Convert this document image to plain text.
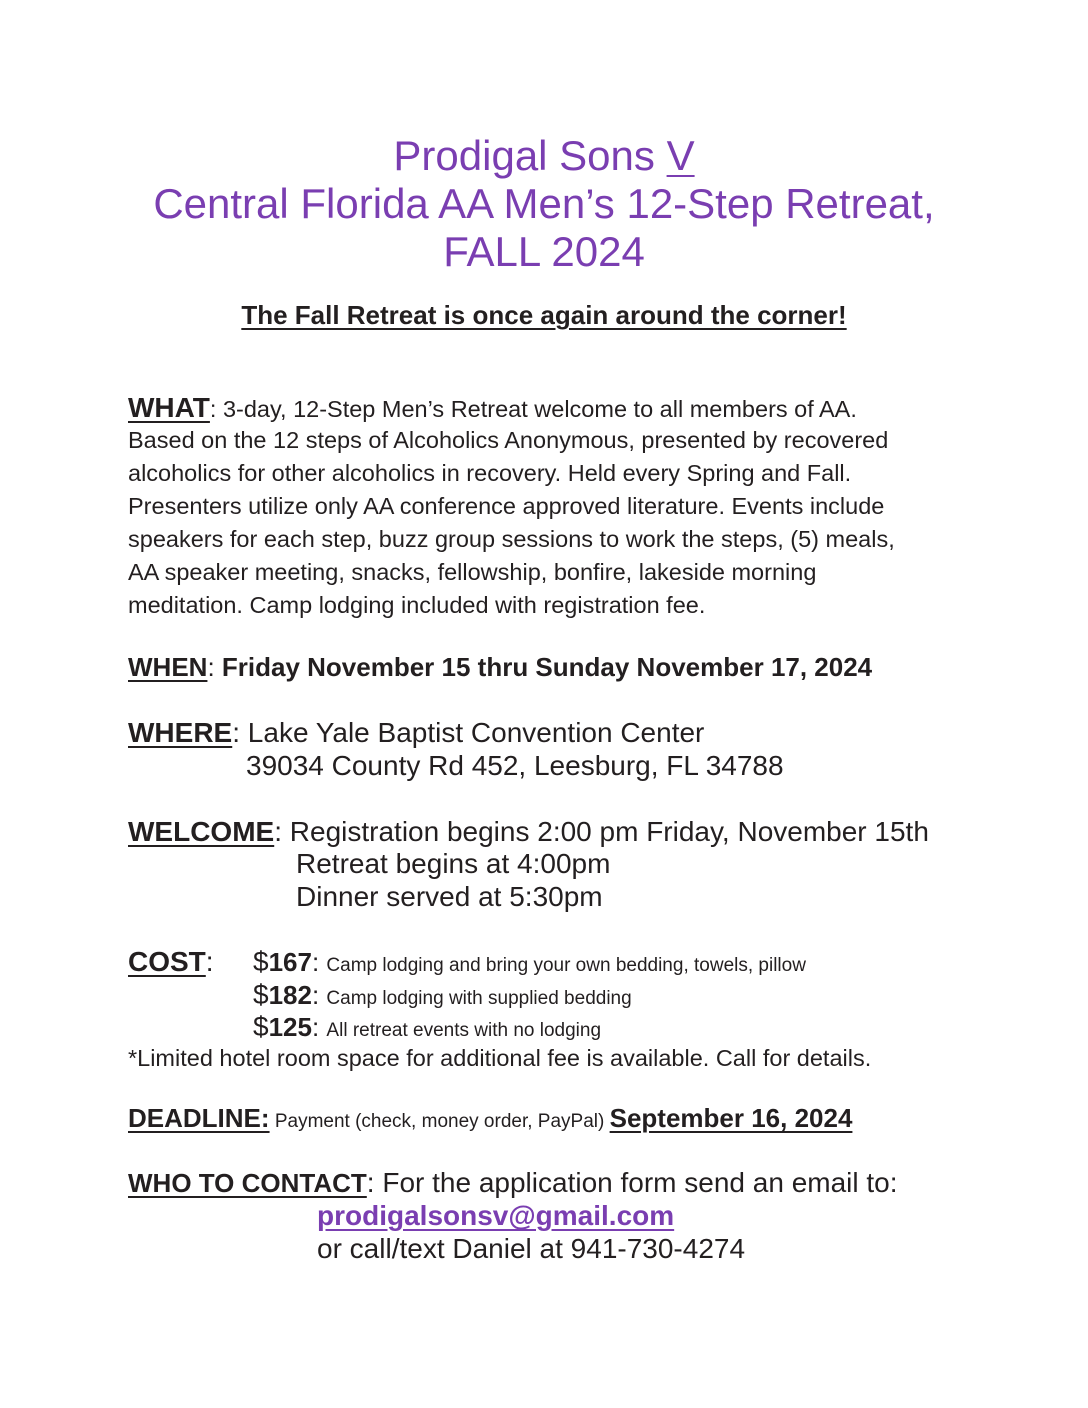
Prodigal Sons V
Central Florida AA Men’s 12-Step Retreat,
FALL 2024
The Fall Retreat is once again around the corner!
WHAT: 3-day, 12-Step Men’s Retreat welcome to all members of AA.
Based on the 12 steps of Alcoholics Anonymous, presented by recovered
alcoholics for other alcoholics in recovery. Held every Spring and Fall.
Presenters utilize only AA conference approved literature. Events include
speakers for each step, buzz group sessions to work the steps, (5) meals,
AA speaker meeting, snacks, fellowship, bonfire, lakeside morning
meditation. Camp lodging included with registration fee.
WHEN: Friday November 15 thru Sunday November 17, 2024
WHERE: Lake Yale Baptist Convention Center
39034 County Rd 452, Leesburg, FL 34788
WELCOME: Registration begins 2:00 pm Friday, November 15th
Retreat begins at 4:00pm
Dinner served at 5:30pm
COST: $167: Camp lodging and bring your own bedding, towels, pillow
$182: Camp lodging with supplied bedding
$125: All retreat events with no lodging
*Limited hotel room space for additional fee is available. Call for details.
DEADLINE: Payment (check, money order, PayPal) September 16, 2024
WHO TO CONTACT: For the application form send an email to:
prodigalsonsv@gmail.com
or call/text Daniel at 941-730-4274
